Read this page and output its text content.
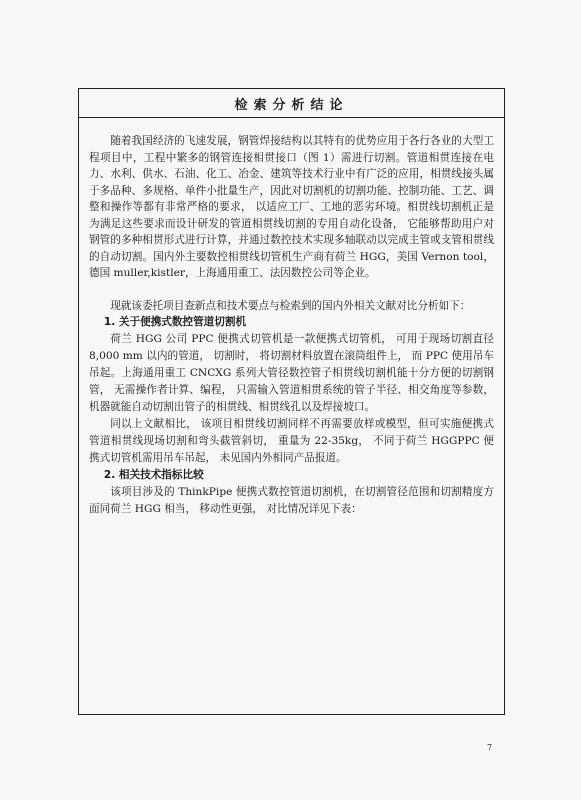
检索分析结论

随着我国经济的飞速发展，钢管焊接结构以其特有的优势应用于各行各业的大型工程项目中，工程中繁多的钢管连接相贯接口（图 1）需进行切割。管道相贯连接在电力、水利、供水、石油、化工、冶金、建筑等技术行业中有广泛的应用，相贯线接头属于多品种、多规格、单件小批量生产，因此对切割机的切割功能、控制功能、工艺、调整和操作等都有非常严格的要求， 以适应工厂、工地的恶劣环境。相贯线切割机正是为满足这些要求而设计研发的管道相贯线切割的专用自动化设备， 它能够帮助用户对钢管的多种相贯形式进行计算，并通过数控技术实现多轴联动以完成主管或支管相贯线的自动切割。国内外主要数控相贯线切管机生产商有荷兰 HGG，美国 Vernon tool，德国 muller,kistler，上海通用重工、法因数控公司等企业。

现就该委托项目查新点和技术要点与检索到的国内外相关文献对比分析如下：

1. 关于便携式数控管道切割机

荷兰 HGG 公司 PPC 便携式切管机是一款便携式切管机， 可用于现场切割直径 8,000 mm 以内的管道， 切割时， 将切割材料放置在滚筒组件上， 而 PPC 使用吊车吊起。上海通用重工 CNCXG 系列大管径数控管子相贯线切割机能十分方便的切割钢管， 无需操作者计算、编程， 只需输入管道相贯系统的管子半径、相交角度等参数， 机器就能自动切割出管子的相贯线、相贯线孔以及焊接坡口。

同以上文献相比， 该项目相贯线切割同样不再需要放样或模型，但可实施便携式管道相贯线现场切割和弯头截管斜切， 重量为 22-35kg， 不同于荷兰 HGGPPC 便携式切管机需用吊车吊起， 未见国内外相同产品报道。

2. 相关技术指标比较

该项目涉及的 ThinkPipe 便携式数控管道切割机，在切割管径范围和切割精度方面同荷兰 HGG 相当， 移动性更强， 对比情况详见下表：

7
